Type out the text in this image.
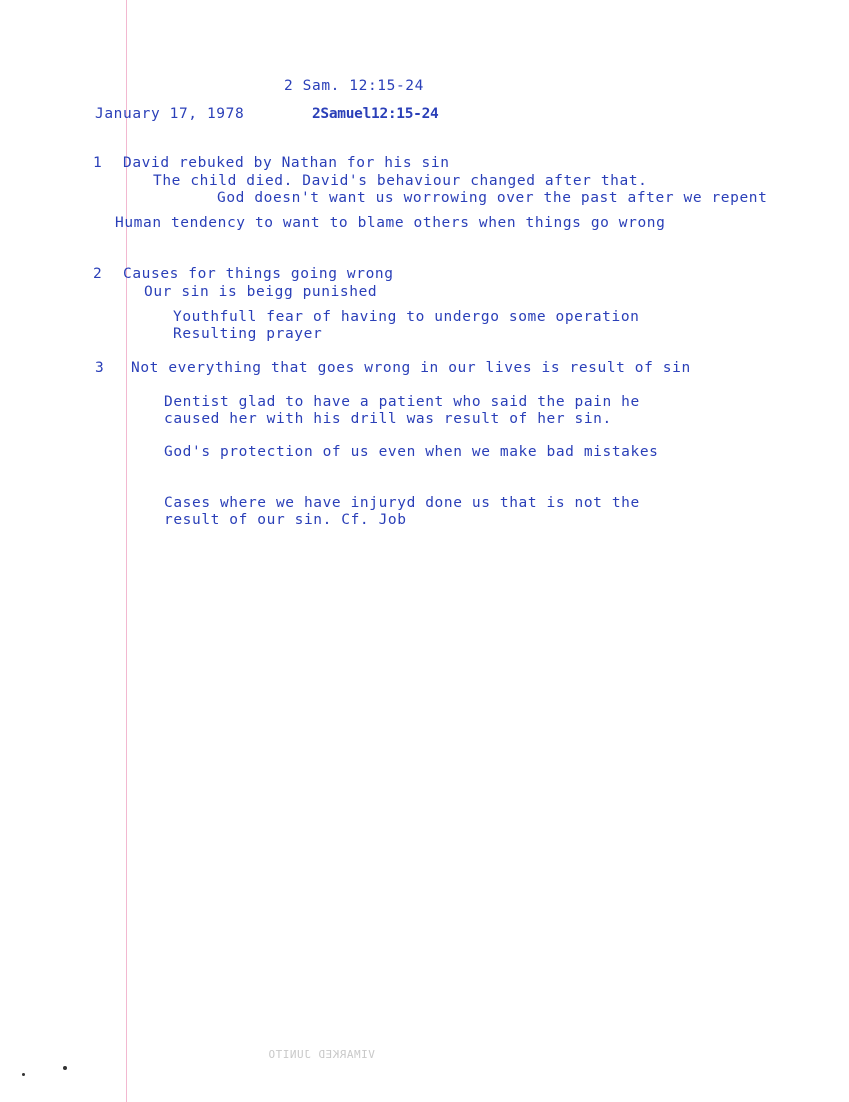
2 Sam. 12:15-24
January 17, 1978	2Samuel12:15-24
1 David rebuked by Nathan for his sin
The child died. David's behaviour changed after that.
God doesn't want us worrowing over the past after we repent
Human tendency to want to blame others when things go wrong
2 Causes for things going wrong
Our sin is beigg punished
Youthfull fear of having to undergo some operation
Resulting prayer
3 Not everything that goes wrong in our lives is result of sin
Dentist glad to have a patient who said the pain he
caused her with his drill was result of her sin.
God's protection of us even when we make bad mistakes
Cases where we have injuryd done us that is not the
result of our sin. Cf. Job
VIMARKED JUNITO
